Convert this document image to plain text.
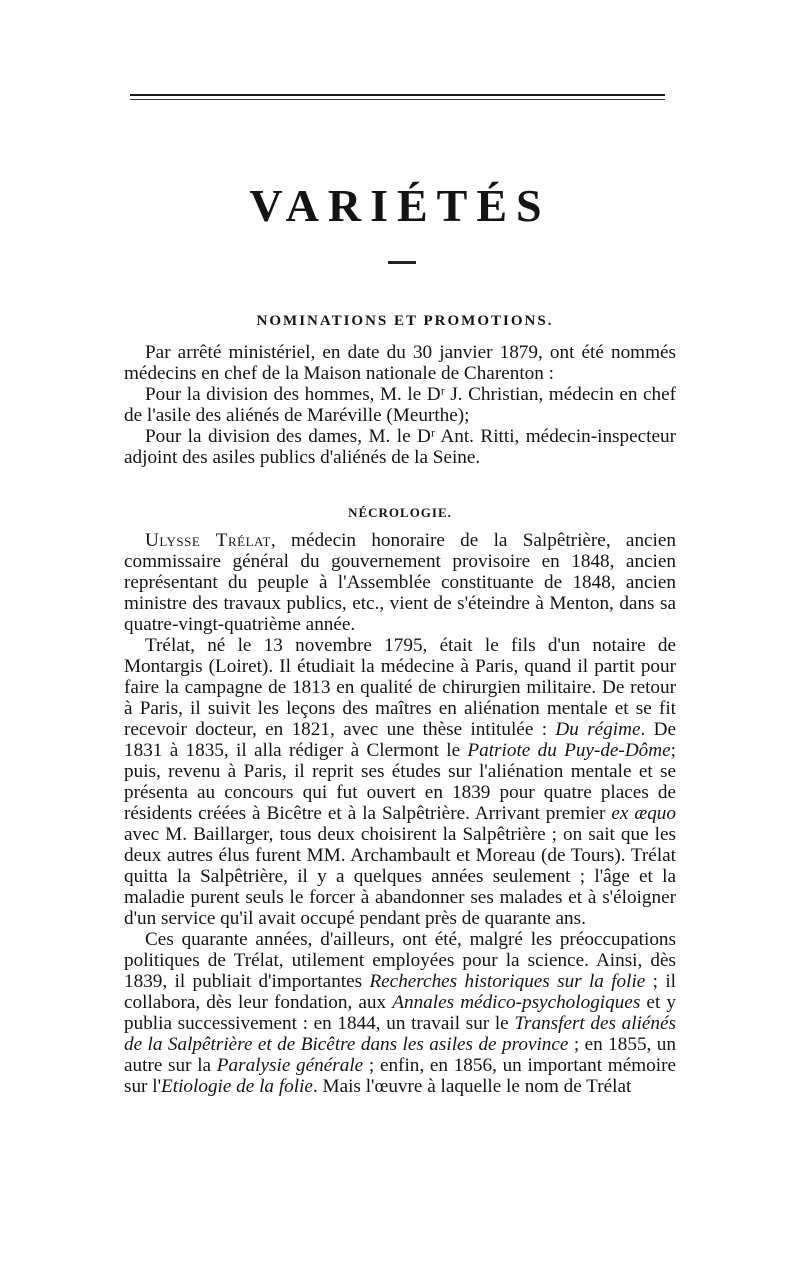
VARIÉTÉS
NOMINATIONS ET PROMOTIONS.

Par arrêté ministériel, en date du 30 janvier 1879, ont été nommés médecins en chef de la Maison nationale de Charenton :

Pour la division des hommes, M. le Dʳ J. Christian, médecin en chef de l'asile des aliénés de Maréville (Meurthe);

Pour la division des dames, M. le Dʳ Ant. Ritti, médecin-inspecteur adjoint des asiles publics d'aliénés de la Seine.

NÉCROLOGIE.

Ulysse Trélat, médecin honoraire de la Salpêtrière, ancien commissaire général du gouvernement provisoire en 1848, ancien représentant du peuple à l'Assemblée constituante de 1848, ancien ministre des travaux publics, etc., vient de s'éteindre à Menton, dans sa quatre-vingt-quatrième année.

Trélat, né le 13 novembre 1795, était le fils d'un notaire de Montargis (Loiret). Il étudiait la médecine à Paris, quand il partit pour faire la campagne de 1813 en qualité de chirurgien militaire. De retour à Paris, il suivit les leçons des maîtres en aliénation mentale et se fit recevoir docteur, en 1821, avec une thèse intitulée : Du régime. De 1831 à 1835, il alla rédiger à Clermont le Patriote du Puy-de-Dôme; puis, revenu à Paris, il reprit ses études sur l'aliénation mentale et se présenta au concours qui fut ouvert en 1839 pour quatre places de résidents créées à Bicêtre et à la Salpêtrière. Arrivant premier ex æquo avec M. Baillarger, tous deux choisirent la Salpêtrière ; on sait que les deux autres élus furent MM. Archambault et Moreau (de Tours). Trélat quitta la Salpêtrière, il y a quelques années seulement ; l'âge et la maladie purent seuls le forcer à abandonner ses malades et à s'éloigner d'un service qu'il avait occupé pendant près de quarante ans.

Ces quarante années, d'ailleurs, ont été, malgré les préoccupations politiques de Trélat, utilement employées pour la science. Ainsi, dès 1839, il publiait d'importantes Recherches historiques sur la folie ; il collabora, dès leur fondation, aux Annales médico-psychologiques et y publia successivement : en 1844, un travail sur le Transfert des aliénés de la Salpêtrière et de Bicêtre dans les asiles de province ; en 1855, un autre sur la Paralysie générale ; enfin, en 1856, un important mémoire sur l'Etiologie de la folie. Mais l'œuvre à laquelle le nom de Trélat
